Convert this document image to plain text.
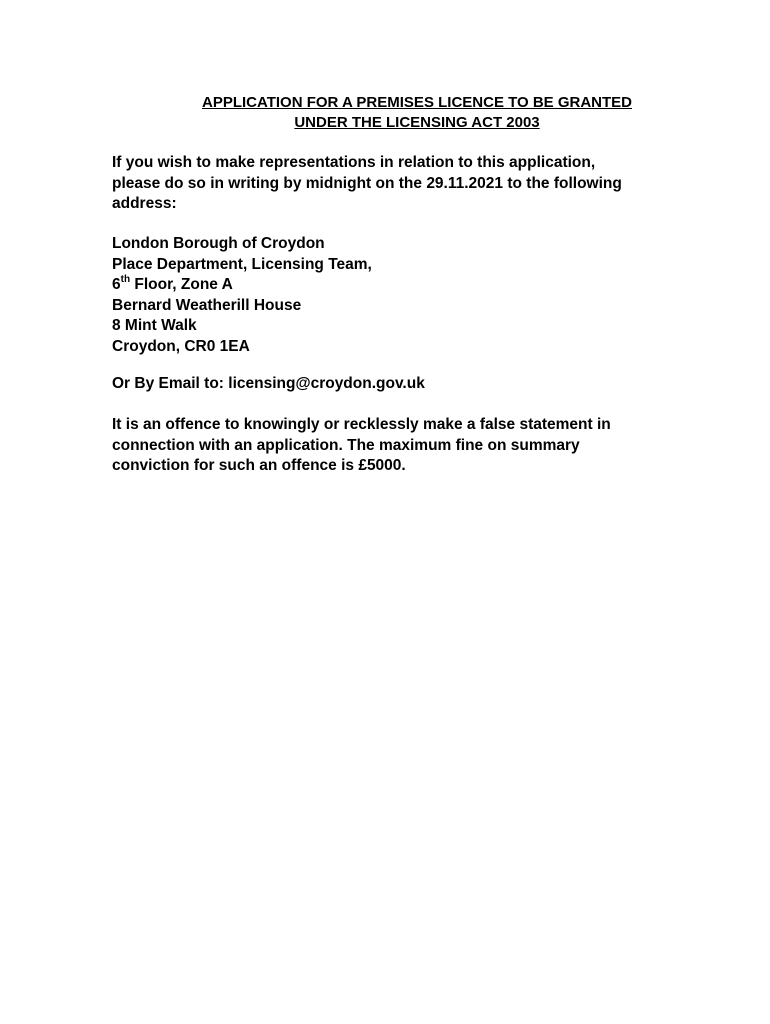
APPLICATION FOR A PREMISES LICENCE TO BE GRANTED
UNDER THE LICENSING ACT 2003
If you wish to make representations in relation to this application,
please do so in writing by midnight on the 29.11.2021 to the following
address:
London Borough of Croydon
Place Department, Licensing Team,
6th Floor, Zone A
Bernard Weatherill House
8 Mint Walk
Croydon, CR0 1EA
Or By Email to: licensing@croydon.gov.uk
It is an offence to knowingly or recklessly make a false statement in
connection with an application. The maximum fine on summary
conviction for such an offence is £5000.
